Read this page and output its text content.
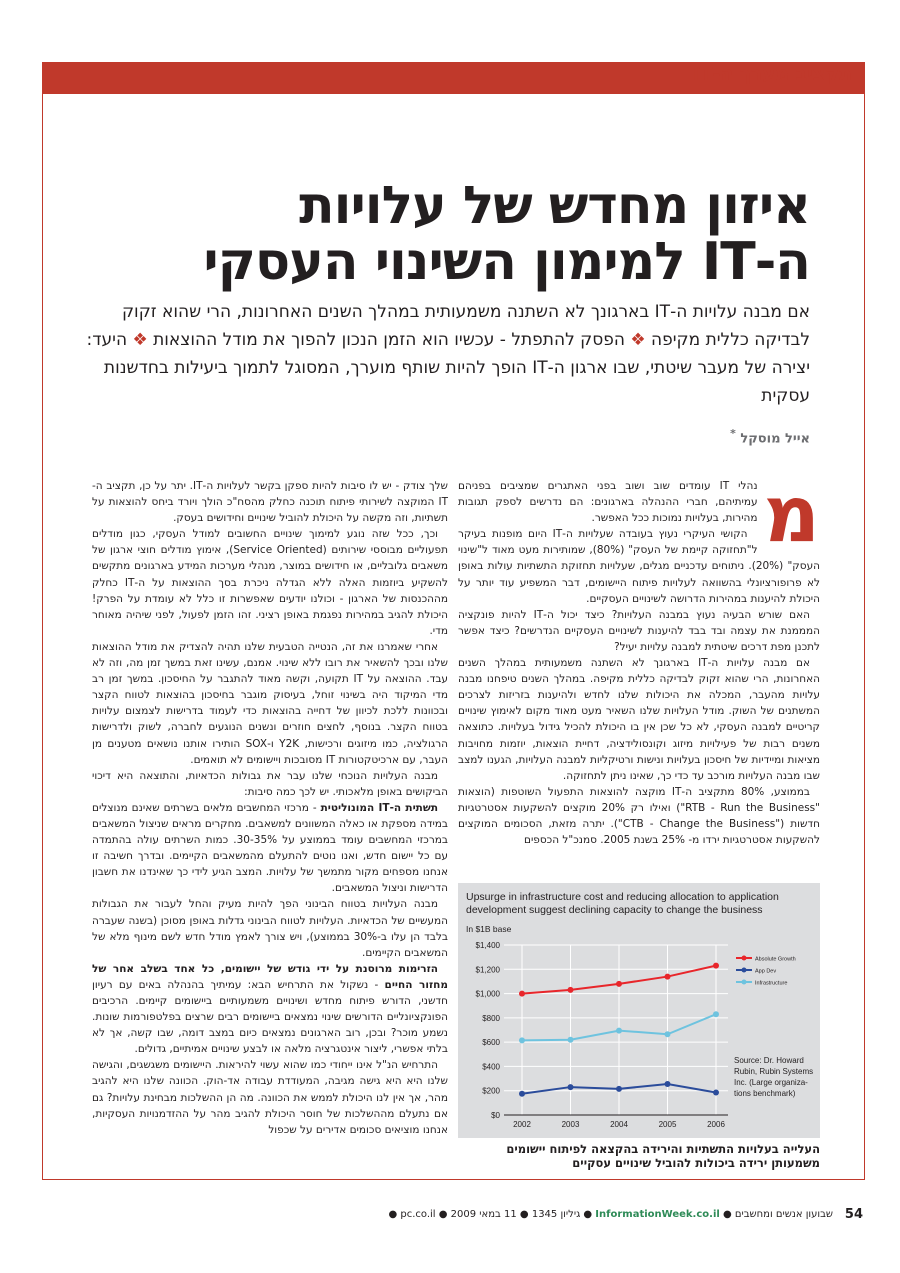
תקציב מערך ה-IT
איזון מחדש של עלויות
ה-IT למימון השינוי העסקי
אם מבנה עלויות ה-IT בארגונך לא השתנה משמעותית במהלך השנים האחרונות, הרי שהוא זקוק לבדיקה כללית מקיפה ❖ הפסק להתפתל - עכשיו הוא הזמן הנכון להפוך את מודל ההוצאות ❖ היעד: יצירה של מעבר שיטתי, שבו ארגון ה-IT הופך להיות שותף מוערך, המסוגל לתמוך ביעילות בחדשנות עסקית
אייל מוסקל *
מ

נהלי IT עומדים שוב ושוב בפני האתגרים שמציבים בפניהם עמיתיהם, חברי ההנהלה בארגונים: הם נדרשים לספק תגובות מהירות, בעלויות נמוכות ככל האפשר.

הקושי העיקרי נעוץ בעובדה שעלויות ה-IT היום מופנות בעיקר ל"תחזוקה קיימת של העסק" (80%), שמותירות מעט מאוד ל"שינוי העסק" (20%). ניתוחים עדכניים מגלים, שעלויות תחזוקת התשתיות עולות באופן לא פרופורציונלי בהשוואה לעלויות פיתוח היישומים, דבר המשפיע עוד יותר על היכולת להיענות במהירות הדרושה לשינויים העסקיים.

האם שורש הבעיה נעוץ במבנה העלויות? כיצד יכול ה-IT להיות פונקציה המממנת את עצמה ובד בבד להיענות לשינויים העסקיים הנדרשים? כיצד אפשר לתכנן מפת דרכים שיטתית למבנה עלויות יעיל?

אם מבנה עלויות ה-IT בארגונך לא השתנה משמעותית במהלך השנים האחרונות, הרי שהוא זקוק לבדיקה כללית מקיפה. במהלך השנים טיפחנו מבנה עלויות מהעבר, המכלה את היכולות שלנו לחדש ולהיענות בזריזות לצרכים המשתנים של השוק. מודל העלויות שלנו השאיר מעט מאוד מקום לאימוץ שינויים קריטיים למבנה העסקי, לא כל שכן אין בו היכולת להכיל גידול בעלויות. כתוצאה משנים רבות של פעילויות מיזוג וקונסולידציה, דחיית הוצאות, יוזמות מחויבות מציאות ומיידיות של חיסכון בעלויות ונישות ורטיקליות למבנה העלויות, הגענו למצב שבו מבנה העלויות מורכב עד כדי כך, שאינו ניתן לתחזוקה.

בממוצע, 80% מתקציב ה-IT מוקצה להוצאות התפעול השוטפות (הוצאות "RTB - Run the Business") ואילו רק 20% מוקצים להשקעות אסטרטגיות חדשות ("CTB - Change the Business"). יתרה מזאת, הסכומים המוקצים להשקעות אסטרטגיות ירדו מ- 25% בשנת 2005. סמנכ"ל הכספים

שלך צודק - יש לו סיבות להיות ספקן בקשר לעלויות ה-IT. יתר על כן, תקציב ה-IT המוקצה לשירותי פיתוח תוכנה כחלק מהסח"כ הולך ויורד ביחס להוצאות על תשתיות, וזה מקשה על היכולת להוביל שינויים וחידושים בעסק.

וכך, ככל שזה נוגע למימוך שינויים החשובים למודל העסקי, כגון מודלים תפעוליים מבוססי שירותים (Service Oriented), אימוץ מודלים חוצי ארגון של משאבים גלובליים, או חידושים במוצר, מנהלי מערכות המידע בארגונים מתקשים להשקיע ביוזמות האלה ללא הגדלה ניכרת בסך ההוצאות על ה-IT כחלק מההכנסות של הארגון - וכולנו יודעים שאפשרות זו כלל לא עומדת על הפרק! היכולת להגיב במהירות נפגמת באופן רציני. זהו הזמן לפעול, לפני שיהיה מאוחר מדי.

אחרי שאמרנו את זה, הנטייה הטבעית שלנו תהיה להצדיק את מודל ההוצאות שלנו ובכך להשאיר את רובו ללא שינוי. אמנם, עשינו זאת במשך זמן מה, וזה לא עבד. ההוצאה על IT תקועה, וקשה מאוד להתגבר על החיסכון. במשך זמן רב מדי המיקוד היה בשינוי זוחל, בעיסוק מוגבר בחיסכון בהוצאות לטווח הקצר ובכוונות ללכת לכיוון של דחייה בהוצאות כדי לעמוד בדרישות לצמצום עלויות בטווח הקצר. בנוסף, לחצים חוזרים ונשנים הנוגעים לחברה, לשוק ולדרישות הרגולציה, כמו מיזוגים ורכישות, Y2K ו-SOX הותירו אותנו נושאים מטענים מן העבר, עם ארכיטקטורות IT מסובכות ויישומים לא תואמים.

מבנה העלויות הנוכחי שלנו עבר את גבולות הכדאיות, והתוצאה היא דיכוי הביקושים באופן מלאכותי. יש לכך כמה סיבות:

תשתית ה-IT המונוליטית - מרכזי המחשבים מלאים בשרתים שאינם מנוצלים במידה מספקת או כאלה המשוונים למשאבים. מחקרים מראים שניצול המשאבים במרכזי המחשבים עומד בממוצע על 30-35%. כמות השרתים עולה בהתמדה עם כל יישום חדש, ואנו נוטים להתעלם מהמשאבים הקיימים. ובדרך חשיבה זו אנחנו מספחים מקור מתמשך של עלויות. המצב הגיע לידי כך שאינדנו את חשבון הדרישות וניצול המשאבים.

מבנה העלויות בטווח הבינוני הפך להיות מעיק והחל לעבור את הגבולות המעשיים של הכדאיות. העלויות לטווח הבינוני גדלות באופן מסוכן (בשנה שעברה בלבד הן עלו ב-30% בממוצע), ויש צורך לאמץ מודל חדש לשם מינוף מלא של המשאבים הקיימים.

הזרימות מרוסנת על ידי גודש של יישומים, כל אחד בשלב אחר של מחזור החיים - נשקול את התרחיש הבא: עמיתיך בהנהלה באים עם רעיון חדשני, הדורש פיתוח מחדש ושינויים משמעותיים ביישומים קיימים. הרכיבים הפונקציונליים הדורשים שינוי נמצאים ביישומים רבים שרצים בפלטפורמות שונות. נשמע מוכר? ובכן, רוב הארגונים נמצאים כיום במצב דומה, שבו קשה, אך לא בלתי אפשרי, ליצור אינטגרציה מלאה או לבצע שינויים אמיתיים, גדולים.

התרחיש הנ"ל אינו ייחודי כמו שהוא עשוי להיראות. היישומים משגשגים, והגישה שלנו היא היא גישה מגיבה, המעודדת עבודה אד-הוק. הכוונה שלנו היא להגיב מהר, אך אין לנו היכולת לממש את הכוונה. מה הן ההשלכות מבחינת עלויות? גם אם נתעלם מההשלכות של חוסר היכולת להגיב מהר על ההזדמנויות העסקיות, אנחנו מוציאים סכומים אדירים על שכפול

Upsurge in infrastructure cost and reducing allocation to application
development suggest declining capacity to change the business
In $1B base
$0
$200
$400
$600
$800
$1,000
$1,200
$1,400
2002	2003	2004	2005	2006
Absolute Growth
App Dev
Infrastructure
Source: Dr. Howard
Rubin, Rubin Systems
Inc. (Large organiza-
tions benchmark)
העלייה בעלויות התשתיות והירידה בהקצאה לפיתוח יישומים משמעותן ירידה ביכולות להוביל שינויים עסקיים
54
שבועון אנשים ומחשבים ● InformationWeek.co.il ● גיליון 1345 ● 11 במאי 2009 ● pc.co.il ●
